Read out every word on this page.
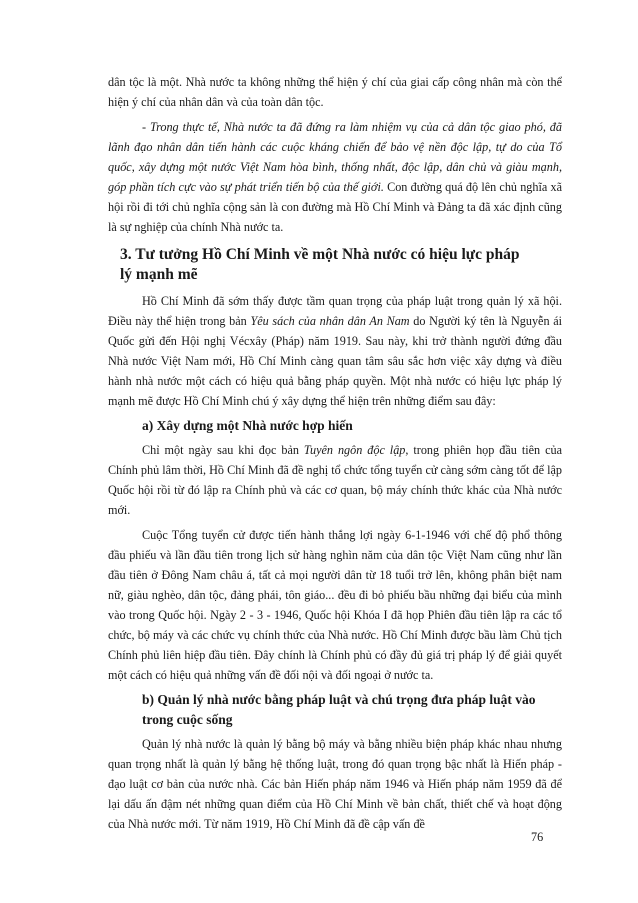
dân tộc là một. Nhà nước ta không những thể hiện ý chí của giai cấp công nhân mà còn thể hiện ý chí của nhân dân và của toàn dân tộc.

- Trong thực tế, Nhà nước ta đã đứng ra làm nhiệm vụ của cả dân tộc giao phó, đã lãnh đạo nhân dân tiến hành các cuộc kháng chiến để bảo vệ nền độc lập, tự do của Tổ quốc, xây dựng một nước Việt Nam hòa bình, thống nhất, độc lập, dân chủ và giàu mạnh, góp phần tích cực vào sự phát triển tiến bộ của thế giới. Con đường quá độ lên chủ nghĩa xã hội rồi đi tới chủ nghĩa cộng sản là con đường mà Hồ Chí Minh và Đảng ta đã xác định cũng là sự nghiệp của chính Nhà nước ta.

3. Tư tưởng Hồ Chí Minh về một Nhà nước có hiệu lực pháp lý mạnh mẽ

Hồ Chí Minh đã sớm thấy được tầm quan trọng của pháp luật trong quản lý xã hội. Điều này thể hiện trong bản Yêu sách của nhân dân An Nam do Người ký tên là Nguyễn ái Quốc gửi đến Hội nghị Vécxây (Pháp) năm 1919. Sau này, khi trở thành người đứng đầu Nhà nước Việt Nam mới, Hồ Chí Minh càng quan tâm sâu sắc hơn việc xây dựng và điều hành nhà nước một cách có hiệu quả bằng pháp quyền. Một nhà nước có hiệu lực pháp lý mạnh mẽ được Hồ Chí Minh chú ý xây dựng thể hiện trên những điểm sau đây:

a) Xây dựng một Nhà nước hợp hiến

Chỉ một ngày sau khi đọc bản Tuyên ngôn độc lập, trong phiên họp đầu tiên của Chính phủ lâm thời, Hồ Chí Minh đã đề nghị tổ chức tổng tuyển cử càng sớm càng tốt để lập Quốc hội rồi từ đó lập ra Chính phủ và các cơ quan, bộ máy chính thức khác của Nhà nước mới.

Cuộc Tổng tuyển cử được tiến hành thắng lợi ngày 6-1-1946 với chế độ phổ thông đầu phiếu và lần đầu tiên trong lịch sử hàng nghìn năm của dân tộc Việt Nam cũng như lần đầu tiên ở Đông Nam châu á, tất cả mọi người dân từ 18 tuổi trở lên, không phân biệt nam nữ, giàu nghèo, dân tộc, đảng phái, tôn giáo... đều đi bỏ phiếu bầu những đại biểu của mình vào trong Quốc hội. Ngày 2 - 3 - 1946, Quốc hội Khóa I đã họp Phiên đầu tiên lập ra các tổ chức, bộ máy và các chức vụ chính thức của Nhà nước. Hồ Chí Minh được bầu làm Chủ tịch Chính phủ liên hiệp đầu tiên. Đây chính là Chính phủ có đầy đủ giá trị pháp lý để giải quyết một cách có hiệu quả những vấn đề đối nội và đối ngoại ở nước ta.

b) Quản lý nhà nước bằng pháp luật và chú trọng đưa pháp luật vào trong cuộc sống

Quản lý nhà nước là quản lý bằng bộ máy và bằng nhiều biện pháp khác nhau nhưng quan trọng nhất là quản lý bằng hệ thống luật, trong đó quan trọng bậc nhất là Hiến pháp - đạo luật cơ bản của nước nhà. Các bản Hiến pháp năm 1946 và Hiến pháp năm 1959 đã để lại dấu ấn đậm nét những quan điểm của Hồ Chí Minh về bản chất, thiết chế và hoạt động của Nhà nước mới. Từ năm 1919, Hồ Chí Minh đã đề cập vấn đề

76
